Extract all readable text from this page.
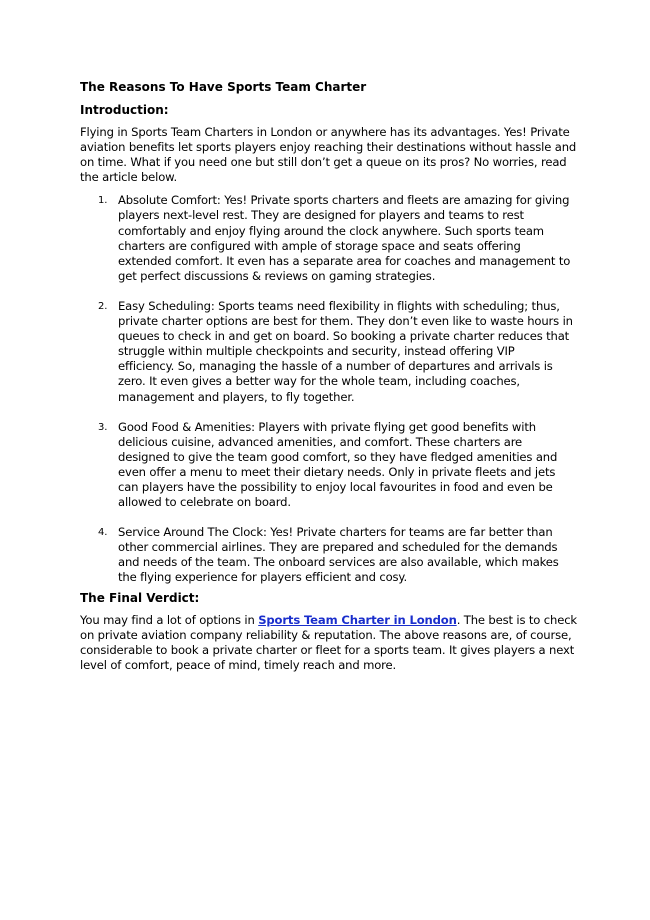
The Reasons To Have Sports Team Charter
Introduction:

Flying in Sports Team Charters in London or anywhere has its advantages. Yes! Private aviation benefits let sports players enjoy reaching their destinations without hassle and on time. What if you need one but still don’t get a queue on its pros? No worries, read the article below.

1. Absolute Comfort: Yes! Private sports charters and fleets are amazing for giving players next-level rest. They are designed for players and teams to rest comfortably and enjoy flying around the clock anywhere. Such sports team charters are configured with ample of storage space and seats offering extended comfort. It even has a separate area for coaches and management to get perfect discussions & reviews on gaming strategies.
2. Easy Scheduling: Sports teams need flexibility in flights with scheduling; thus, private charter options are best for them. They don’t even like to waste hours in queues to check in and get on board. So booking a private charter reduces that struggle within multiple checkpoints and security, instead offering VIP efficiency. So, managing the hassle of a number of departures and arrivals is zero. It even gives a better way for the whole team, including coaches, management and players, to fly together.
3. Good Food & Amenities: Players with private flying get good benefits with delicious cuisine, advanced amenities, and comfort. These charters are designed to give the team good comfort, so they have fledged amenities and even offer a menu to meet their dietary needs. Only in private fleets and jets can players have the possibility to enjoy local favourites in food and even be allowed to celebrate on board.
4. Service Around The Clock: Yes! Private charters for teams are far better than other commercial airlines. They are prepared and scheduled for the demands and needs of the team. The onboard services are also available, which makes the flying experience for players efficient and cosy.
The Final Verdict:

You may find a lot of options in Sports Team Charter in London. The best is to check on private aviation company reliability & reputation. The above reasons are, of course, considerable to book a private charter or fleet for a sports team. It gives players a next level of comfort, peace of mind, timely reach and more.
